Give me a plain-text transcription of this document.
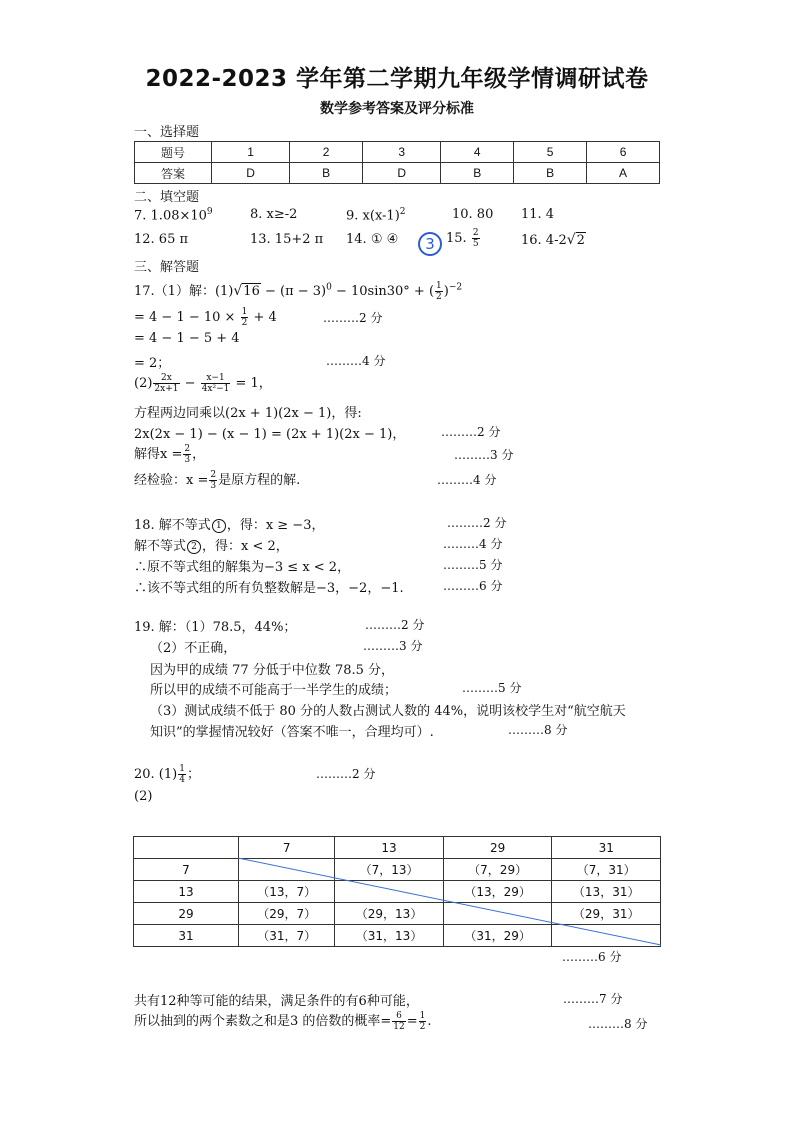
2022-2023 学年第二学期九年级学情调研试卷
数学参考答案及评分标准
一、选择题
题号	1	2	3	4	5	6
答案	D	B	D	B	B	A
二、填空题
7. $1.08\times 10^9$	8. x≥-2	9. $x(x-1)^2$	10. 80 11. 4
12. 65 π	13. 15+2 π 14. ① ④	3 15. $\frac{2}{5}$	16. 4-2√2
三、解答题
17.（1）解：$(1)√16 - (\pi - 3)^0 - 10\sin 30^\circ$ + ( $\frac{1}{2} )^{-2}$
= $4 - 1 - 10 \times \frac{1}{2} + 4$	………2 分
= 4 − 1 − 5 + 4
= 2；	………4 分
$(2) \frac{2x}{2x+1} - \frac{x-1}{\text{4x²−1}} = 1$，
方程两边同乘以(2x + 1)(2x − 1)，得:
2x(2x − 1) − (x − 1) = (2x + 1)(2x − 1)，	………2 分
解得$x = \frac{2}{3}$ ，	………3 分
经检验：$x = \frac{2}{3}$ 是原方程的解.	………4 分
18. 解不等式 1 ，得：x ≥ −3，	………2 分
解不等式 2 ，得：x < 2，	………4 分
∴原不等式组的解集为−3 ≤ x < 2，	………5 分
∴该不等式组的所有负整数解是−3，−2，−1.	………6 分
19. 解：（1）78.5，44%；	………2 分
（2）不正确，	………3 分
因为甲的成绩 77 分低于中位数 78.5 分，
所以甲的成绩不可能高于一半学生的成绩；	………5 分
（3）测试成绩不低于 80 分的人数占测试人数的 44%，说明该校学生对“航空航天
知识”的掌握情况较好（答案不唯一，合理均可）.	………8 分
20. $(1) \frac{1}{4}$ ；	………2 分
(2)
	7	13	29	31
7		（7，13）	（7，29）	（7，31）
13	（13，7）		（13，29）	（13，31）
29	（29，7）	（29，13）		（29，31）
31	（31，7）	（31，13）	（31，29）	
………6 分
共有12种等可能的结果，满足条件的有6种可能，	………7 分
所以抽到的两个素数之和是3 的倍数的概率= $\frac{6}{12} = \frac{1}{2}$ .	………8 分
